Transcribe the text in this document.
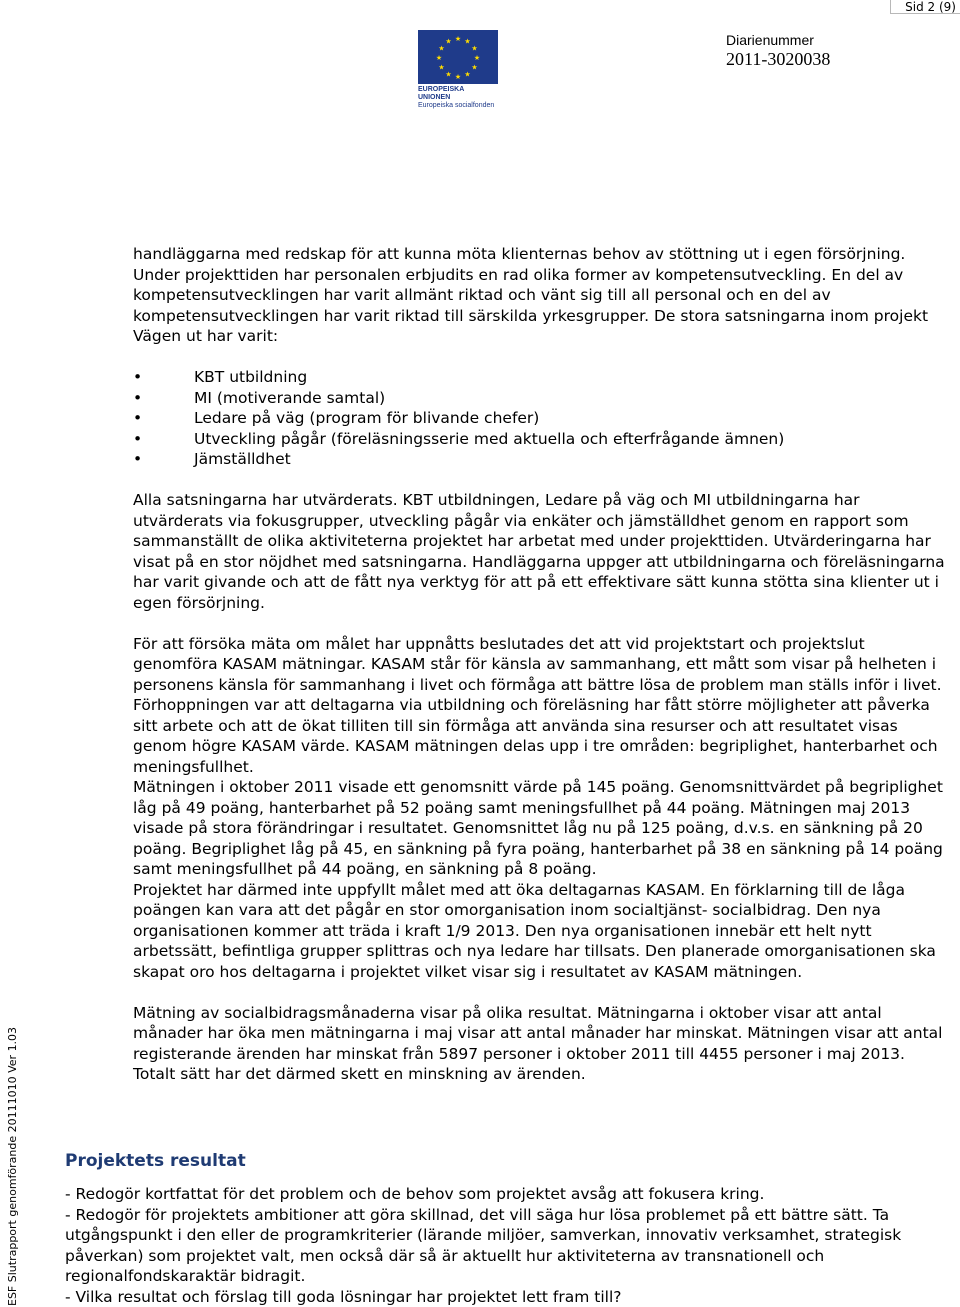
Sid 2 (9)
★ ★
★
★
★
★
★
★
★
★
★
★
EUROPEISKA UNIONEN
Europeiska socialfonden
Diarienummer
2011-3020038
ESF Slutrapport genomförande 20111010 Ver 1.03

handläggarna med redskap för att kunna möta klienternas behov av stöttning ut i egen försörjning. Under projekttiden har personalen erbjudits en rad olika former av kompetensutveckling. En del av kompetensutvecklingen har varit allmänt riktad och vänt sig till all personal och en del av kompetensutvecklingen har varit riktad till särskilda yrkesgrupper. De stora satsningarna inom projekt Vägen ut har varit:

•	KBT utbildning
•	MI (motiverande samtal)
•	Ledare på väg (program för blivande chefer)
•	Utveckling pågår (föreläsningsserie med aktuella och efterfrågande ämnen)
•	Jämställdhet

Alla satsningarna har utvärderats. KBT utbildningen, Ledare på väg och MI utbildningarna har utvärderats via fokusgrupper, utveckling pågår via enkäter och jämställdhet genom en rapport som sammanställt de olika aktiviteterna projektet har arbetat med under projekttiden. Utvärderingarna har visat på en stor nöjdhet med satsningarna. Handläggarna uppger att utbildningarna och föreläsningarna har varit givande och att de fått nya verktyg för att på ett effektivare sätt kunna stötta sina klienter ut i egen försörjning.

För att försöka mäta om målet har uppnåtts beslutades det att vid projektstart och projektslut genomföra KASAM mätningar. KASAM står för känsla av sammanhang, ett mått som visar på helheten i personens känsla för sammanhang i livet och förmåga att bättre lösa de problem man ställs inför i livet. Förhoppningen var att deltagarna via utbildning och föreläsning har fått större möjligheter att påverka sitt arbete och att de ökat tilliten till sin förmåga att använda sina resurser och att resultatet visas genom högre KASAM värde. KASAM mätningen delas upp i tre områden: begriplighet, hanterbarhet och meningsfullhet.

Mätningen i oktober 2011 visade ett genomsnitt värde på 145 poäng. Genomsnittvärdet på begriplighet låg på 49 poäng, hanterbarhet på 52 poäng samt meningsfullhet på 44 poäng. Mätningen maj 2013 visade på stora förändringar i resultatet. Genomsnittet låg nu på 125 poäng, d.v.s. en sänkning på 20 poäng. Begriplighet låg på 45, en sänkning på fyra poäng, hanterbarhet på 38 en sänkning på 14 poäng samt meningsfullhet på 44 poäng, en sänkning på 8 poäng.

Projektet har därmed inte uppfyllt målet med att öka deltagarnas KASAM. En förklarning till de låga poängen kan vara att det pågår en stor omorganisation inom socialtjänst- socialbidrag. Den nya organisationen kommer att träda i kraft 1/9 2013. Den nya organisationen innebär ett helt nytt arbetssätt, befintliga grupper splittras och nya ledare har tillsats. Den planerade omorganisationen ska skapat oro hos deltagarna i projektet vilket visar sig i resultatet av KASAM mätningen.

Mätning av socialbidragsmånaderna visar på olika resultat. Mätningarna i oktober visar att antal månader har öka men mätningarna i maj visar att antal månader har minskat. Mätningen visar att antal registerande ärenden har minskat från 5897 personer i oktober 2011 till 4455 personer i maj 2013. Totalt sätt har det därmed skett en minskning av ärenden.

Projektets resultat

- Redogör kortfattat för det problem och de behov som projektet avsåg att fokusera kring.

- Redogör för projektets ambitioner att göra skillnad, det vill säga hur lösa problemet på ett bättre sätt. Ta utgångspunkt i den eller de programkriterier (lärande miljöer, samverkan, innovativ verksamhet, strategisk påverkan) som projektet valt, men också där så är aktuellt hur aktiviteterna av transnationell och regionalfondskaraktär bidragit.

- Vilka resultat och förslag till goda lösningar har projektet lett fram till?
